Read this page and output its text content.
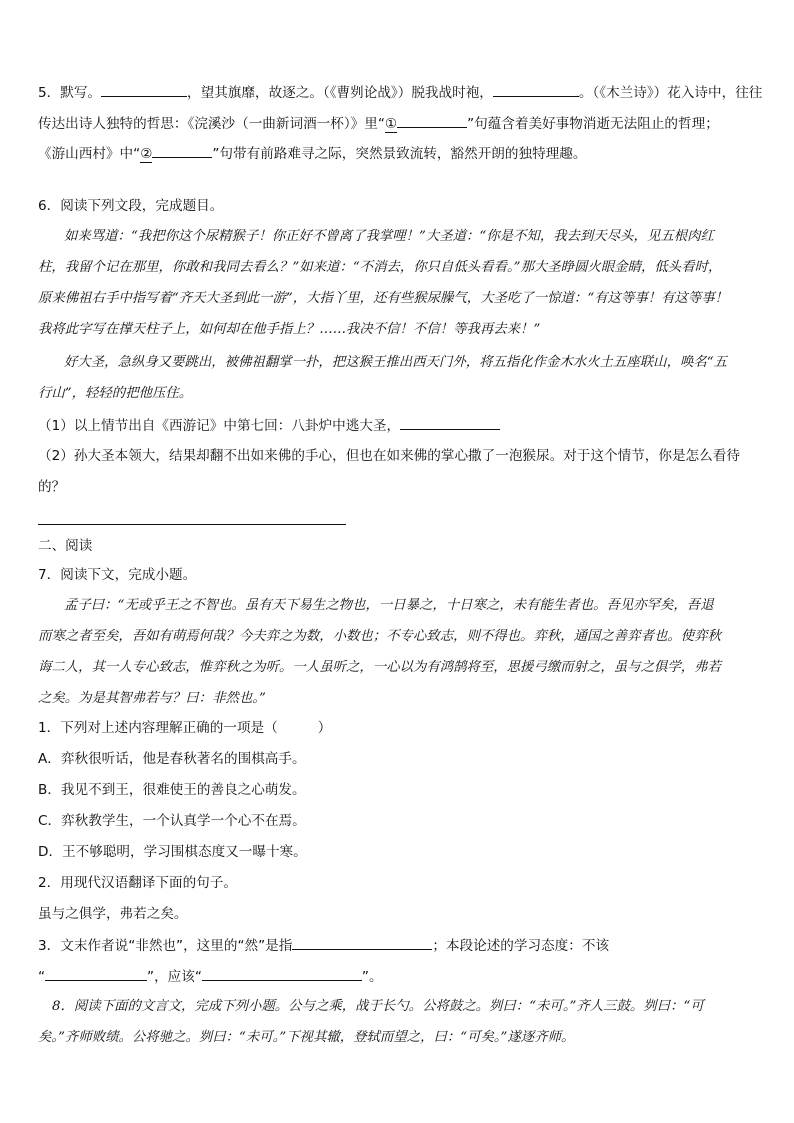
5．默写。	，望其旗靡，故逐之。（《曹刿论战》）脱我战时袍，	。（《木兰诗》）花入诗中，往往
传达出诗人独特的哲思：《浣溪沙（一曲新词酒一杯）》里“①	”句蕴含着美好事物消逝无法阻止的哲理；
《游山西村》中“②	”句带有前路难寻之际，突然景致流转，豁然开朗的独特理趣。
6．阅读下列文段，完成题目。
如来骂道：“我把你这个尿精猴子！你正好不曾离了我掌哩！”大圣道：“你是不知，我去到天尽头，见五根肉红
柱，我留个记在那里，你敢和我同去看么？”如来道：“不消去，你只自低头看看。”那大圣睁圆火眼金睛，低头看时，
原来佛祖右手中指写着“齐天大圣到此一游”，大指丫里，还有些猴尿臊气，大圣吃了一惊道：“有这等事！有这等事！
我将此字写在撑天柱子上，如何却在他手指上？……我决不信！不信！等我再去来！”
好大圣，急纵身又要跳出，被佛祖翻掌一扑，把这猴王推出西天门外，将五指化作金木水火土五座联山，唤名“五
行山”，轻轻的把他压住。
（1）以上情节出自《西游记》中第七回：八卦炉中逃大圣，
（2）孙大圣本领大，结果却翻不出如来佛的手心，但也在如来佛的掌心撒了一泡猴尿。对于这个情节，你是怎么看待
的？
二、阅读
7．阅读下文，完成小题。
孟子曰：“无或乎王之不智也。虽有天下易生之物也，一日暴之，十日寒之，未有能生者也。吾见亦罕矣，吾退
而寒之者至矣，吾如有萌焉何哉？今夫弈之为数，小数也；不专心致志，则不得也。弈秋，通国之善弈者也。使弈秋
诲二人，其一人专心致志，惟弈秋之为听。一人虽听之，一心以为有鸿鹄将至，思援弓缴而射之，虽与之俱学，弗若
之矣。为是其智弗若与？曰：非然也。”
1．下列对上述内容理解正确的一项是（	）
A．弈秋很听话，他是春秋著名的围棋高手。
B．我见不到王，很难使王的善良之心萌发。
C．弈秋教学生，一个认真学一个心不在焉。
D．王不够聪明，学习围棋态度又一曝十寒。
2．用现代汉语翻译下面的句子。
虽与之俱学，弗若之矣。
3．文末作者说“非然也”，这里的“然”是指	；本段论述的学习态度：不该
“	”，应该“	”。
8．阅读下面的文言文，完成下列小题。公与之乘，战于长勺。公将鼓之。刿曰：“未可。”齐人三鼓。刿曰：“可
矣。”齐师败绩。公将驰之。刿曰：“未可。”下视其辙，登轼而望之，曰：“可矣。”遂逐齐师。
